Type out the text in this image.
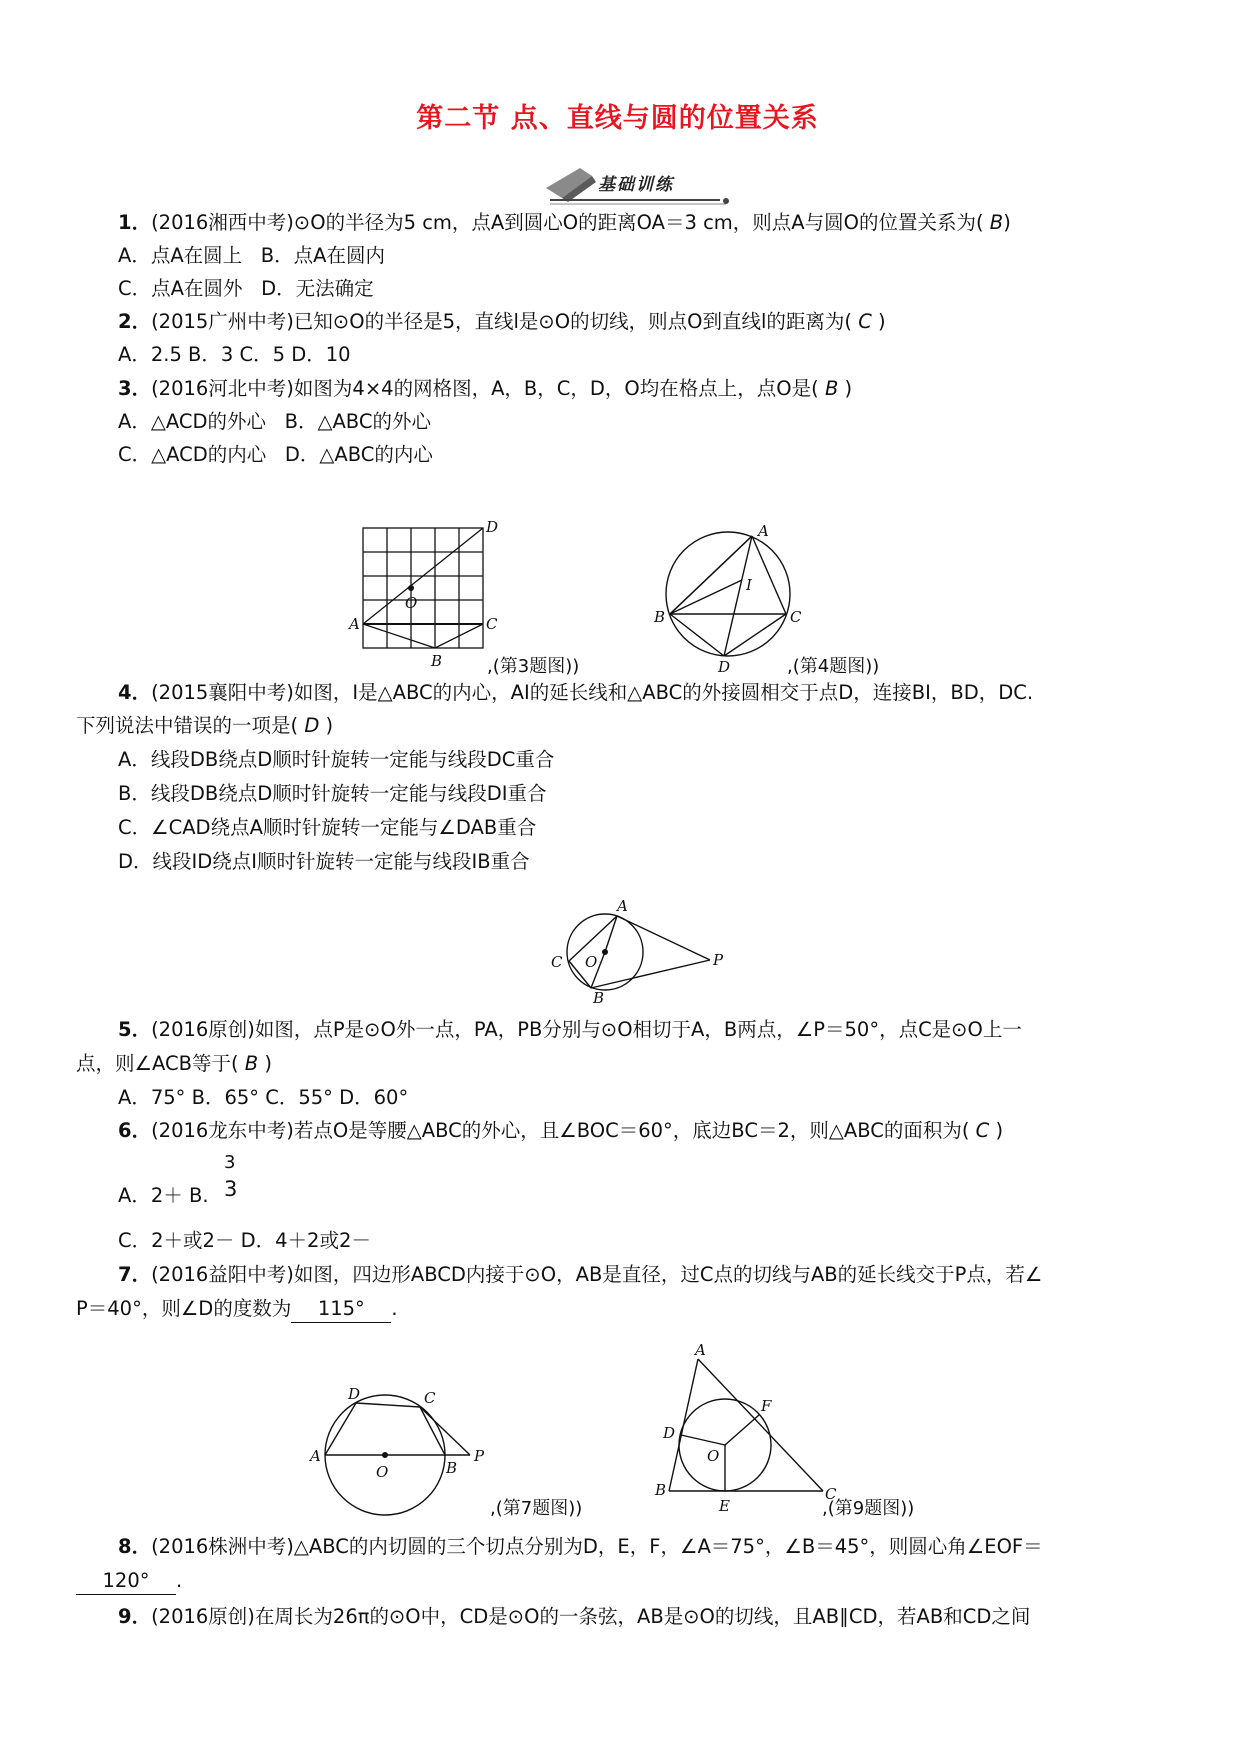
第二节 点、直线与圆的位置关系
基础训练
1．(2016湘西中考)⊙O的半径为5 cm，点A到圆心O的距离OA＝3 cm，则点A与圆O的位置关系为( B)
A．点A在圆上 B．点A在圆内
C．点A在圆外 D．无法确定
2．(2015广州中考)已知⊙O的半径是5，直线l是⊙O的切线，则点O到直线l的距离为( C )
A．2.5 B．3 C．5 D．10
3．(2016河北中考)如图为4×4的网格图，A，B，C，D，O均在格点上，点O是( B )
A．△ACD的外心 B．△ABC的外心
C．△ACD的内心 D．△ABC的内心
A
B
C
D
O
,(第3题图))
A
B	C
D
I
,(第4题图))
4．(2015襄阳中考)如图，I是△ABC的内心，AI的延长线和△ABC的外接圆相交于点D，连接BI，BD，DC.
下列说法中错误的一项是( D )
A．线段DB绕点D顺时针旋转一定能与线段DC重合
B．线段DB绕点D顺时针旋转一定能与线段DI重合
C．∠CAD绕点A顺时针旋转一定能与∠DAB重合
D．线段ID绕点I顺时针旋转一定能与线段IB重合
A
B
C O	P
5．(2016原创)如图，点P是⊙O外一点，PA，PB分别与⊙O相切于A，B两点，∠P＝50°，点C是⊙O上一
点，则∠ACB等于( B )
A．75° B．65° C．55° D．60°
6．(2016龙东中考)若点O是等腰△ABC的外心，且∠BOC＝60°，底边BC＝2，则△ABC的面积为( C )
3
A．2＋ B. 3
C．2＋或2－ D．4＋2或2－
7．(2016益阳中考)如图，四边形ABCD内接于⊙O，AB是直径，过C点的切线与AB的延长线交于P点，若∠
P＝40°，则∠D的度数为 115° .
A
B
C
D
O
P
,(第7题图))
A
B	C
D
E
F
O
,(第9题图))
8．(2016株洲中考)△ABC的内切圆的三个切点分别为D，E，F，∠A＝75°，∠B＝45°，则圆心角∠EOF＝
120° .
9．(2016原创)在周长为26π的⊙O中，CD是⊙O的一条弦，AB是⊙O的切线，且AB∥CD，若AB和CD之间
